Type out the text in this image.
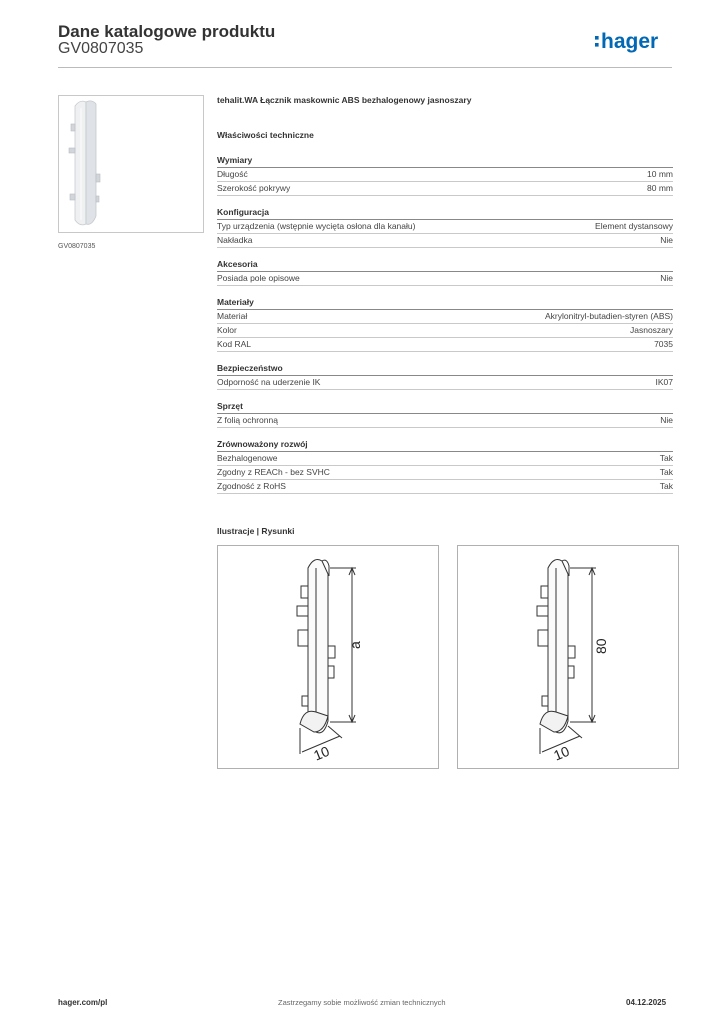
Dane katalogowe produktu
GV0807035	hager
GV0807035
tehalit.WA Łącznik maskownic ABS bezhalogenowy jasnoszary
Właściwości techniczne
Wymiary
Długość	10 mm
Szerokość pokrywy	80 mm
Konfiguracja
Typ urządzenia (wstępnie wycięta osłona dla kanału)	Element dystansowy
Nakładka	Nie
Akcesoria
Posiada pole opisowe	Nie
Materiały
Materiał	Akrylonitryl-butadien-styren (ABS)
Kolor	Jasnoszary
Kod RAL	7035
Bezpieczeństwo
Odporność na uderzenie IK	IK07
Sprzęt
Z folią ochronną	Nie
Zrównoważony rozwój
Bezhalogenowe	Tak
Zgodny z REACh - bez SVHC	Tak
Zgodność z RoHS	Tak
Ilustracje | Rysunki
a
10
80
10
hager.com/pl	Zastrzegamy sobie możliwość zmian technicznych	04.12.2025
